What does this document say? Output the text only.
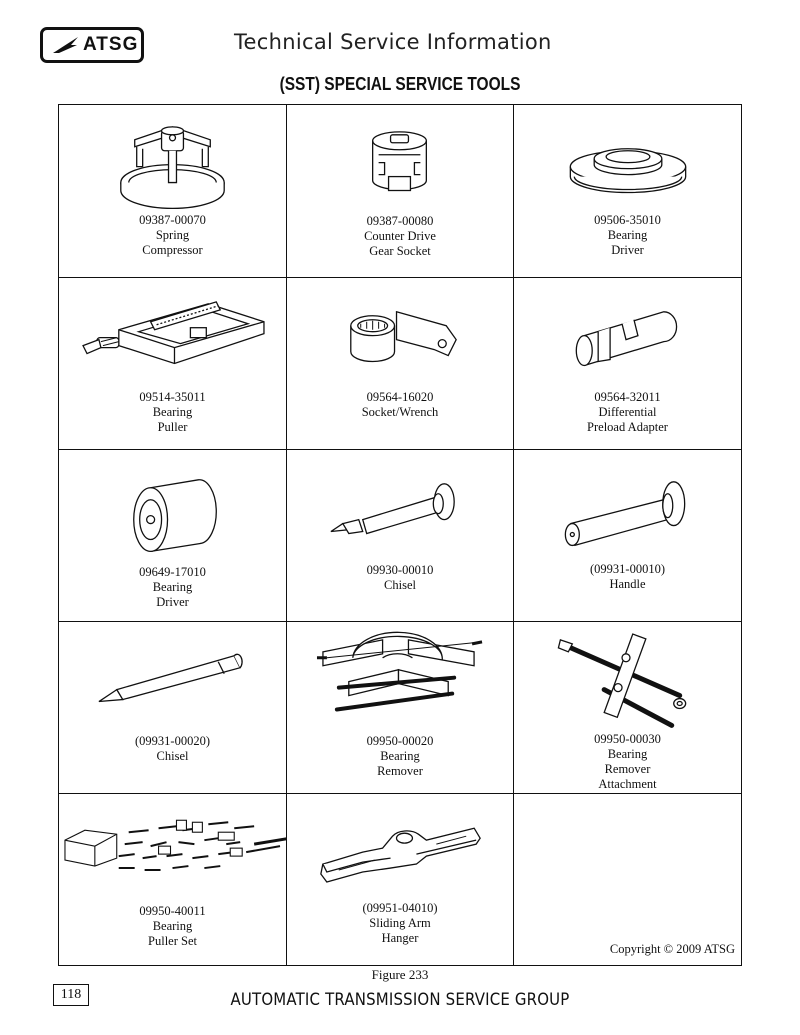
ATSG	Technical Service Information
(SST) SPECIAL SERVICE TOOLS
09387-00070
Spring
Compressor
09387-00080
Counter Drive
Gear Socket
09506-35010
Bearing
Driver
09514-35011
Bearing
Puller
09564-16020
Socket/Wrench
09564-32011
Differential
Preload Adapter
09649-17010
Bearing
Driver
09930-00010
Chisel
(09931-00010)
Handle
(09931-00020)
Chisel
09950-00020
Bearing
Remover
09950-00030
Bearing
Remover
Attachment
09950-40011
Bearing
Puller Set
(09951-04010)
Sliding Arm
Hanger
Copyright © 2009 ATSG
Figure 233
118	AUTOMATIC TRANSMISSION SERVICE GROUP
